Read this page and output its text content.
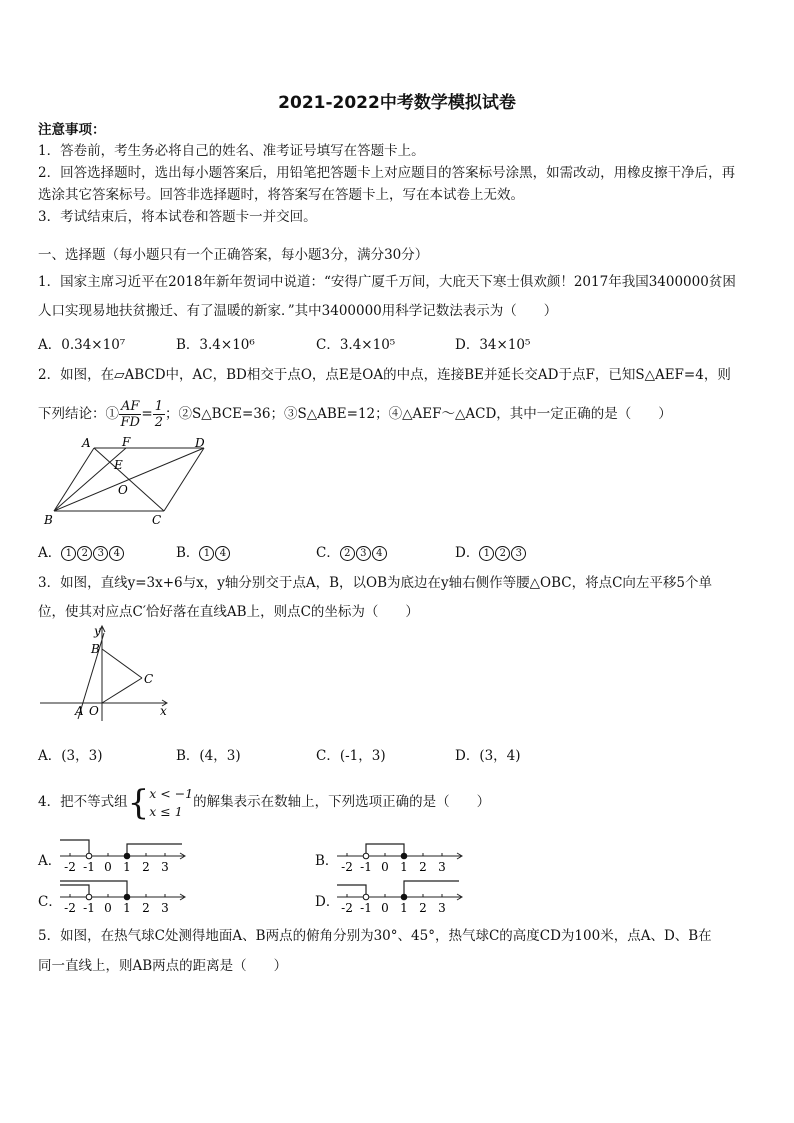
2021-2022中考数学模拟试卷
注意事项：
1．答卷前，考生务必将自己的姓名、准考证号填写在答题卡上。
2．回答选择题时，选出每小题答案后，用铅笔把答题卡上对应题目的答案标号涂黑，如需改动，用橡皮擦干净后，再
选涂其它答案标号。回答非选择题时，将答案写在答题卡上，写在本试卷上无效。
3．考试结束后，将本试卷和答题卡一并交回。
一、选择题（每小题只有一个正确答案，每小题3分，满分30分）
1．国家主席习近平在2018年新年贺词中说道：“安得广厦千万间，大庇天下寒士俱欢颜！2017年我国3400000贫困
人口实现易地扶贫搬迁、有了温暖的新家．”其中3400000用科学记数法表示为（　　）
A．0.34×10⁷	B．3.4×10⁶	C．3.4×10⁵	D．34×10⁵
2．如图，在▱ABCD中，AC，BD相交于点O，点E是OA的中点，连接BE并延长交AD于点F，已知S△AEF=4，则
下列结论：① $\frac{AF}{FD} = \frac{1}{2}$ ；②S△BCE=36；③S△ABE=12；④△AEF～△ACD，其中一定正确的是（　　）
A	F	D
E
O
B	C
A． 1 2 3 4	B． 1 4	C． 2 3 4	D． 1 2 3
3．如图，直线y=3x+6与x，y轴分别交于点A，B，以OB为底边在y轴右侧作等腰△OBC，将点C向左平移5个单
位，使其对应点C′恰好落在直线AB上，则点C的坐标为（　　）
y
B
C
A O	x
A．(3，3)	B．(4，3)	C．(-1，3)	D．(3，4)
4．把不等式组{ x < −1
x ≤ 1
的解集表示在数轴上，下列选项正确的是（　　）
A． -2 -1 0 1 2 3	B． -2 -1 0 1 2 3
C． -2 -1 0 1 2 3	D． -2 -1 0 1 2 3
5．如图，在热气球C处测得地面A、B两点的俯角分别为30°、45°，热气球C的高度CD为100米，点A、D、B在
同一直线上，则AB两点的距离是（　　）
